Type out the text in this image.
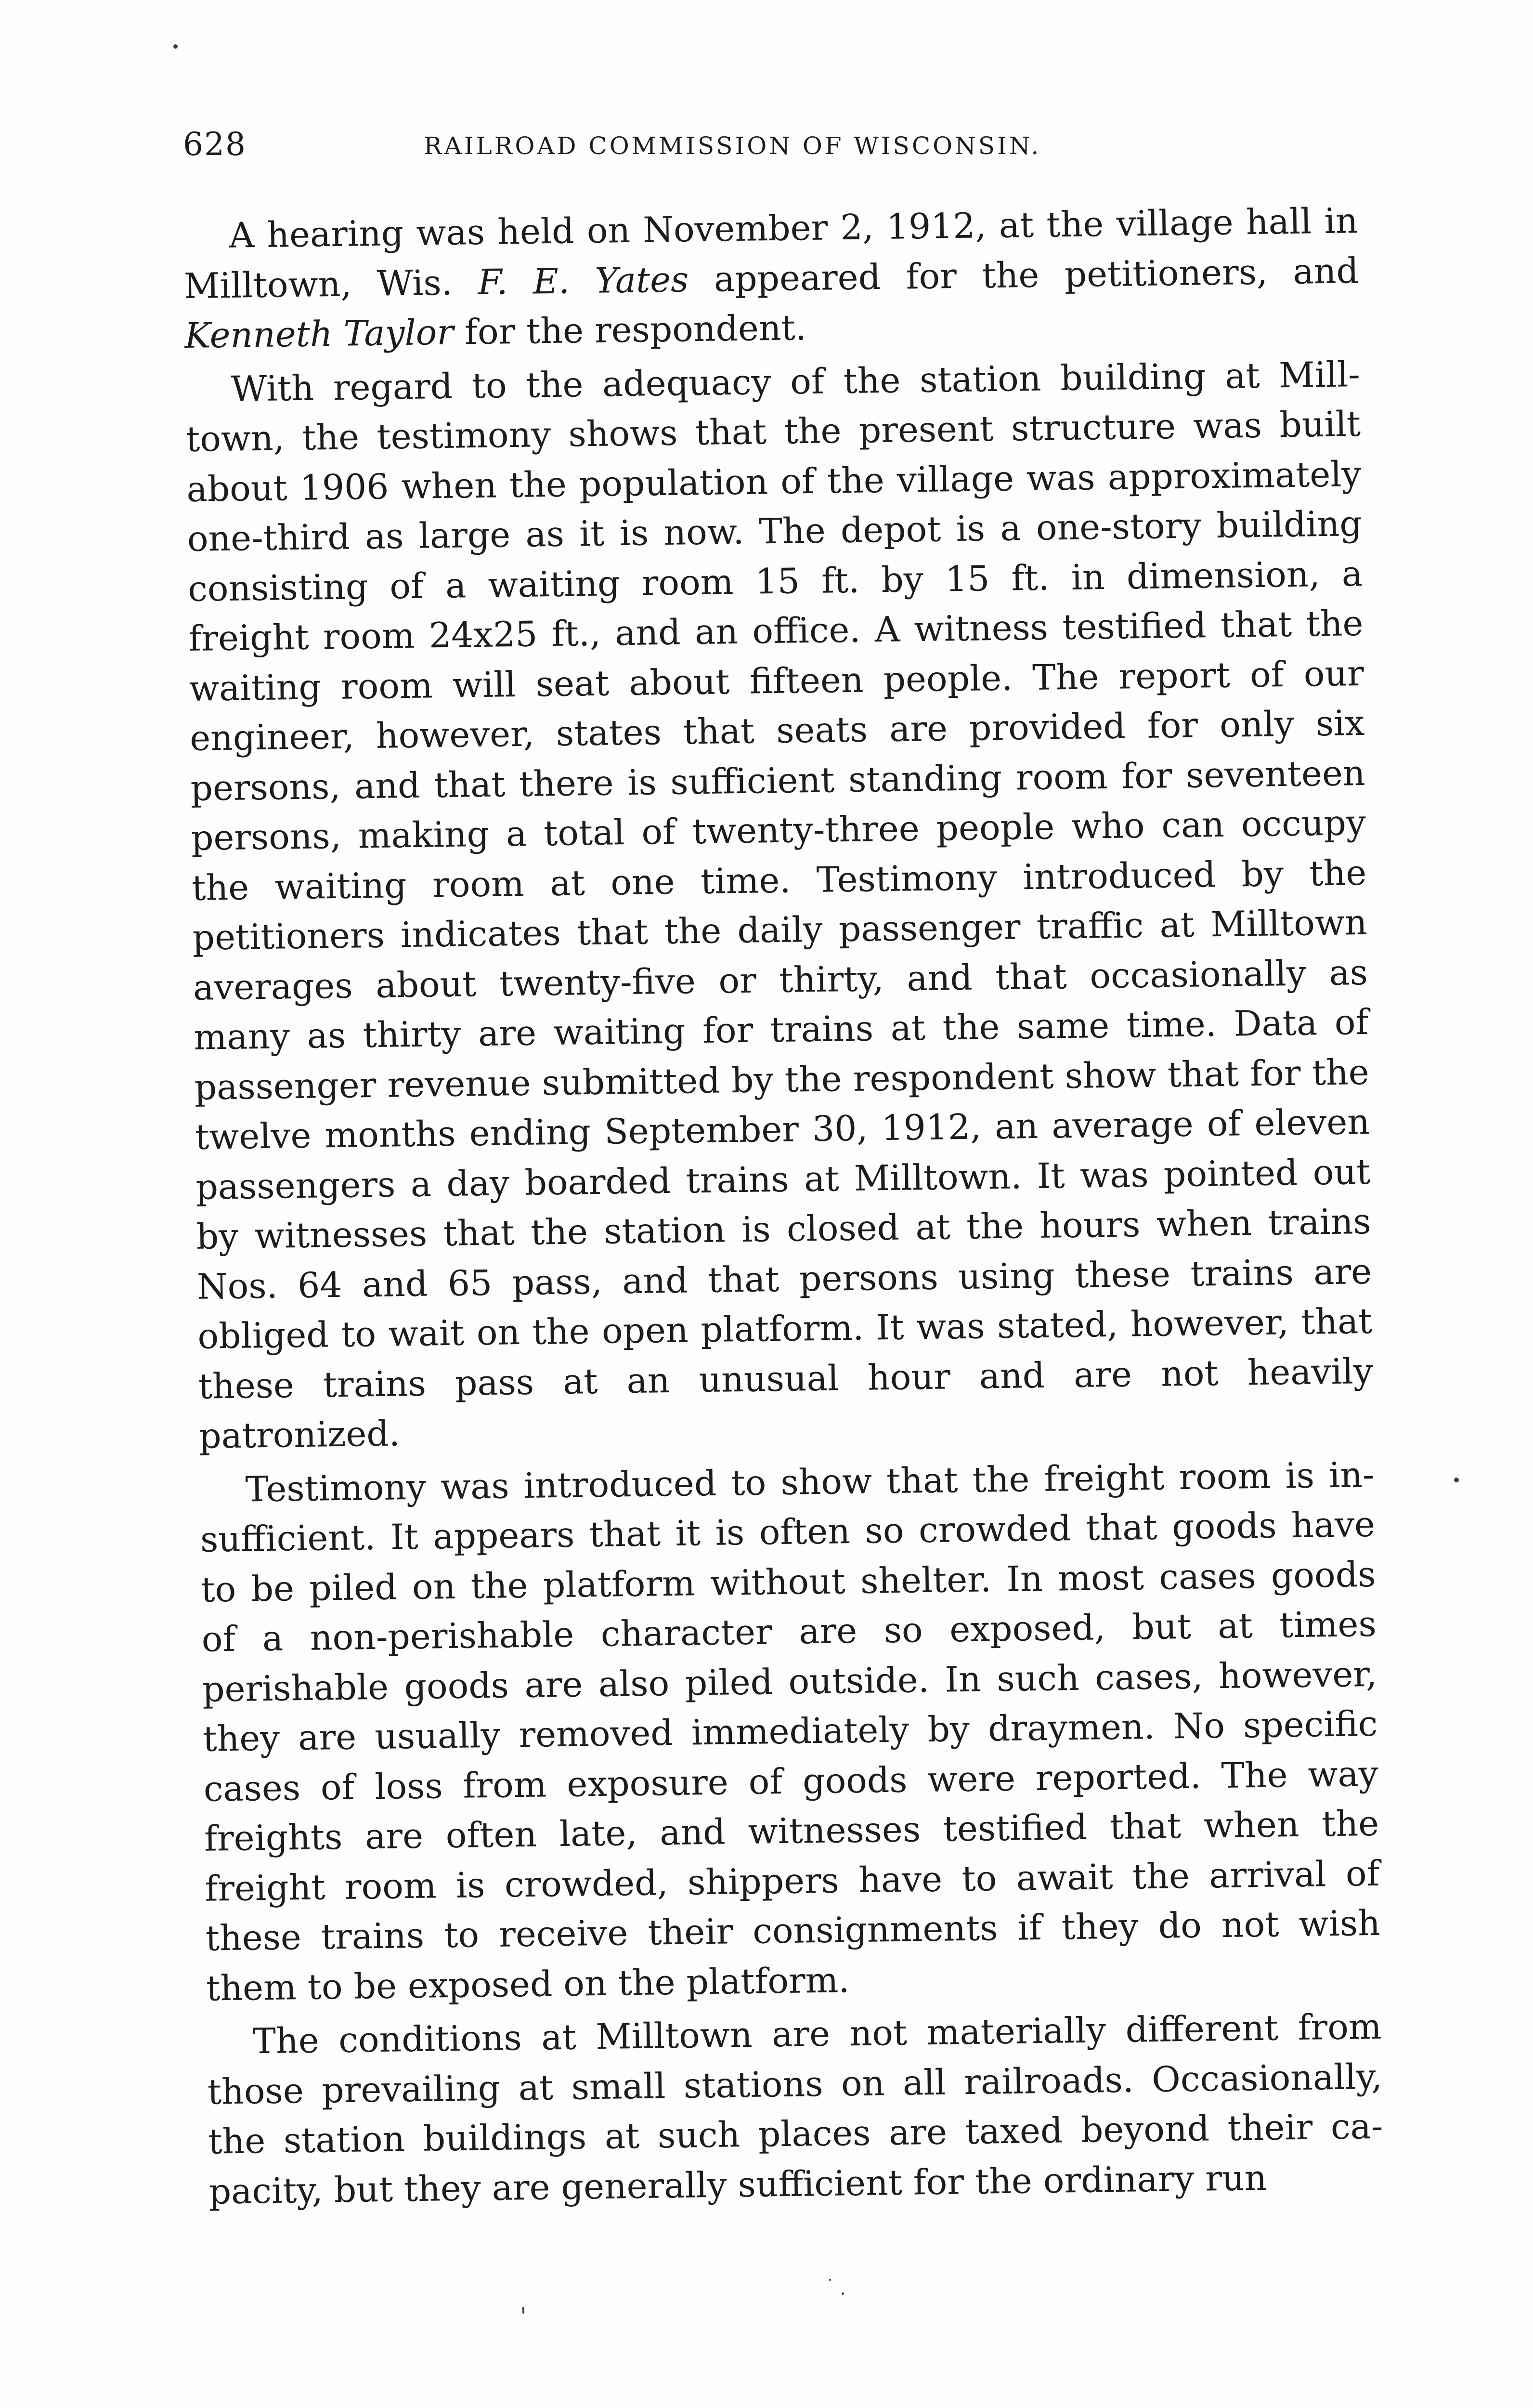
628	RAILROAD COMMISSION OF WISCONSIN.

A hearing was held on November 2, 1912, at the village hall in Milltown, Wis. F. E. Yates appeared for the petitioners, and Kenneth Taylor for the respondent.

With regard to the adequacy of the station building at Milltown, the testimony shows that the present structure was built about 1906 when the population of the village was approximately one-third as large as it is now. The depot is a one-story building consisting of a waiting room 15 ft. by 15 ft. in dimension, a freight room 24x25 ft., and an office. A witness testified that the waiting room will seat about fifteen people. The report of our engineer, however, states that seats are provided for only six persons, and that there is sufficient standing room for seventeen persons, making a total of twenty-three people who can occupy the waiting room at one time. Testimony introduced by the petitioners indicates that the daily passenger traffic at Milltown averages about twenty-five or thirty, and that occasionally as many as thirty are waiting for trains at the same time. Data of passenger revenue submitted by the respondent show that for the twelve months ending September 30, 1912, an average of eleven passengers a day boarded trains at Milltown. It was pointed out by witnesses that the station is closed at the hours when trains Nos. 64 and 65 pass, and that persons using these trains are obliged to wait on the open platform. It was stated, however, that these trains pass at an unusual hour and are not heavily patronized.

Testimony was introduced to show that the freight room is insufficient. It appears that it is often so crowded that goods have to be piled on the platform without shelter. In most cases goods of a non-perishable character are so exposed, but at times perishable goods are also piled outside. In such cases, however, they are usually removed immediately by draymen. No specific cases of loss from exposure of goods were reported. The way freights are often late, and witnesses testified that when the freight room is crowded, shippers have to await the arrival of these trains to receive their consignments if they do not wish them to be exposed on the platform.

The conditions at Milltown are not materially different from those prevailing at small stations on all railroads. Occasionally, the station buildings at such places are taxed beyond their capacity, but they are generally sufficient for the ordinary run
